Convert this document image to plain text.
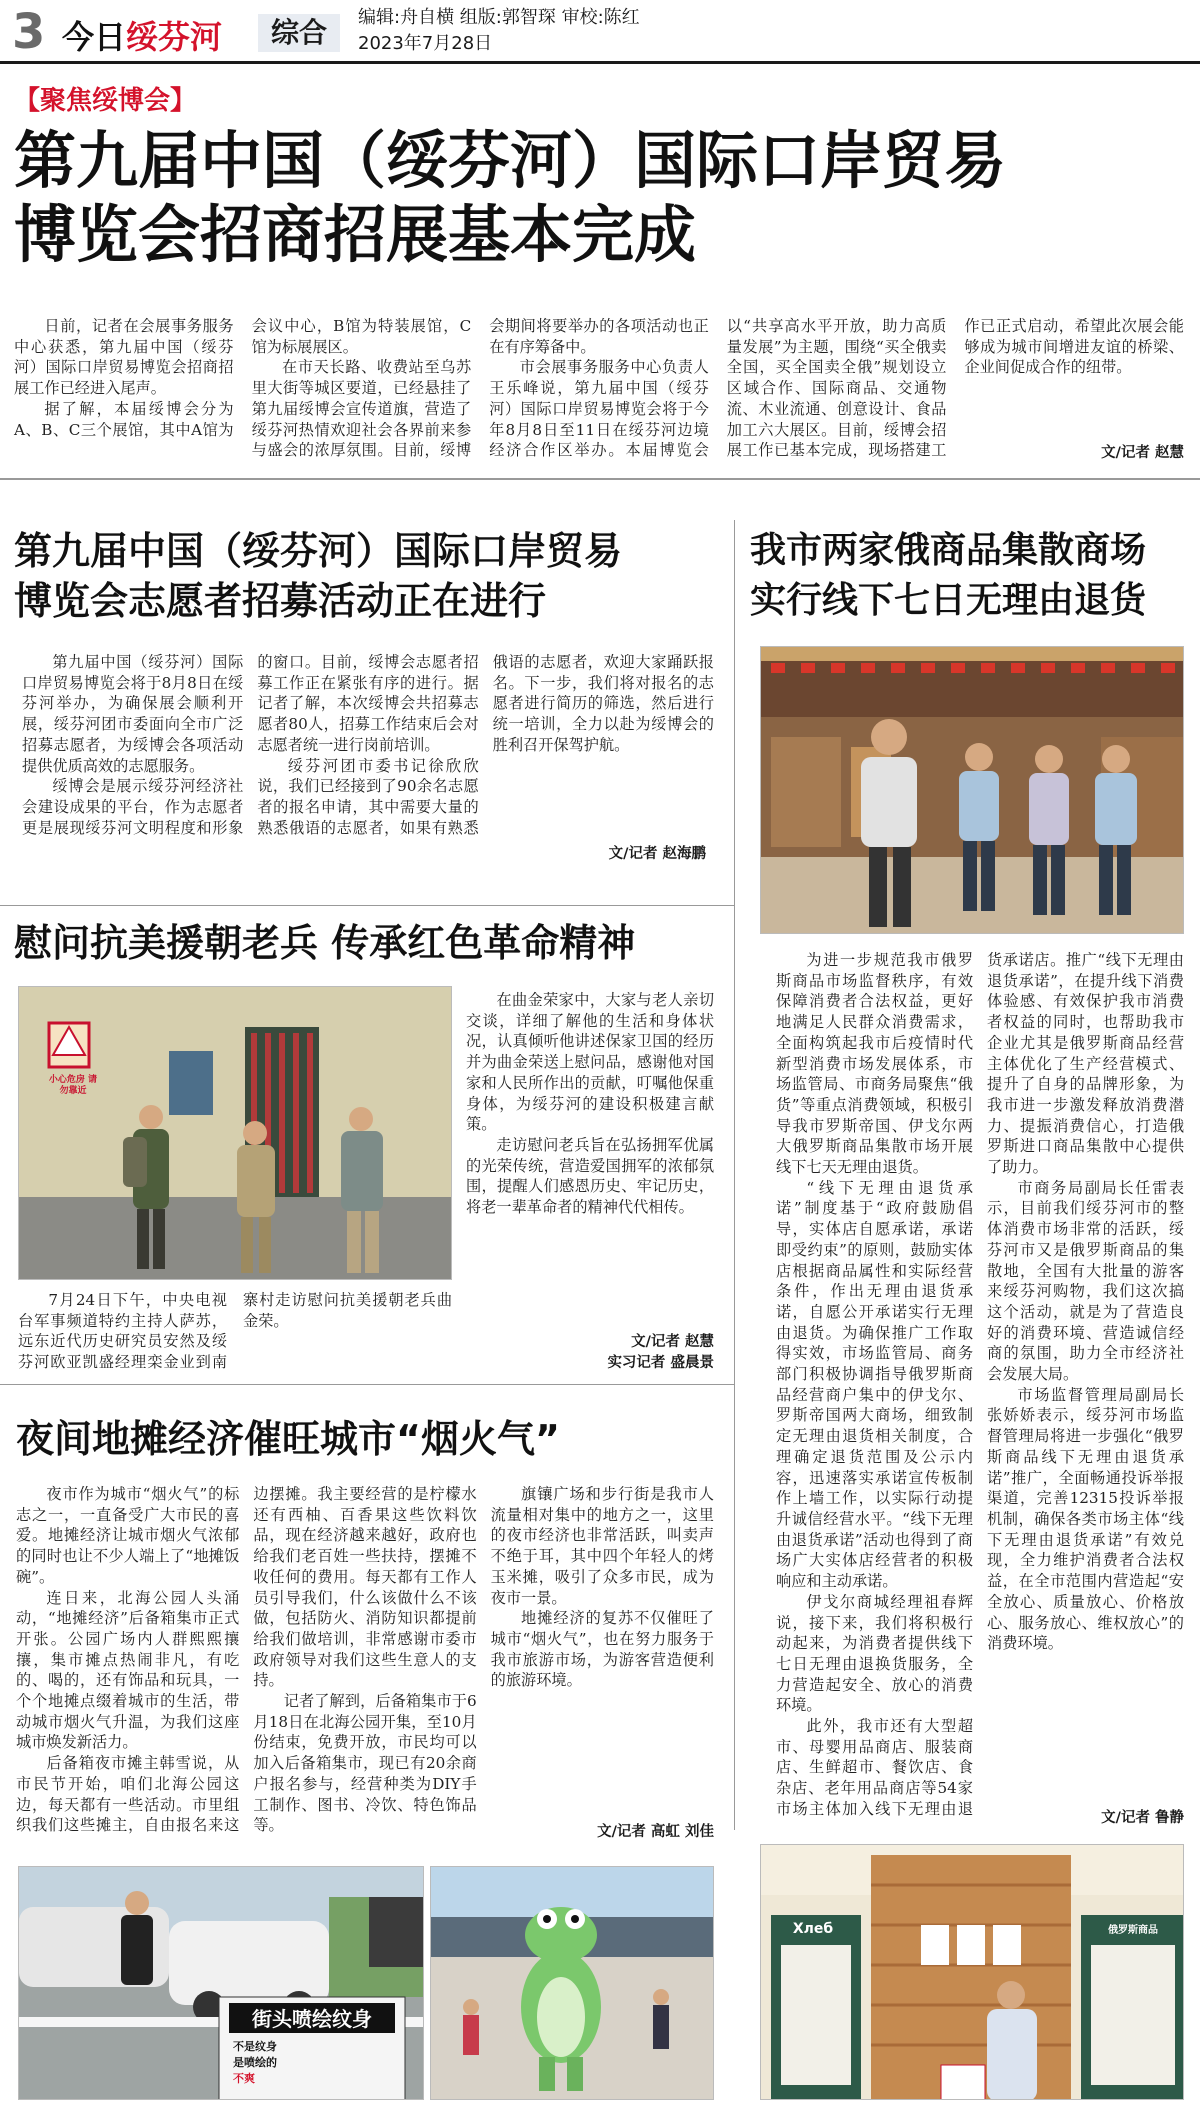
3 今日绥芬河	综合	编辑:舟自横 组版:郭智琛 审校:陈红
2023年7月28日
【聚焦绥博会】
第九届中国（绥芬河）国际口岸贸易
博览会招商招展基本完成

日前，记者在会展事务服务中心获悉，第九届中国（绥芬河）国际口岸贸易博览会招商招展工作已经进入尾声。

据了解，本届绥博会分为A、B、C三个展馆，其中A馆为会议中心，B馆为特装展馆，C馆为标展展区。

在市天长路、收费站至乌苏里大街等城区要道，已经悬挂了第九届绥博会宣传道旗，营造了绥芬河热情欢迎社会各界前来参与盛会的浓厚氛围。目前，绥博会期间将要举办的各项活动也正在有序筹备中。

市会展事务服务中心负责人王乐峰说，第九届中国（绥芬河）国际口岸贸易博览会将于今年8月8日至11日在绥芬河边境经济合作区举办。本届博览会以“共享高水平开放，助力高质量发展”为主题，围绕“买全俄卖全国，买全国卖全俄”规划设立区域合作、国际商品、交通物流、木业流通、创意设计、食品加工六大展区。目前，绥博会招展工作已基本完成，现场搭建工作已正式启动，希望此次展会能够成为城市间增进友谊的桥梁、企业间促成合作的纽带。

文/记者 赵慧
第九届中国（绥芬河）国际口岸贸易
博览会志愿者招募活动正在进行

第九届中国（绥芬河）国际口岸贸易博览会将于8月8日在绥芬河举办，为确保展会顺利开展，绥芬河团市委面向全市广泛招募志愿者，为绥博会各项活动提供优质高效的志愿服务。

绥博会是展示绥芬河经济社会建设成果的平台，作为志愿者更是展现绥芬河文明程度和形象的窗口。目前，绥博会志愿者招募工作正在紧张有序的进行。据记者了解，本次绥博会共招募志愿者80人，招募工作结束后会对志愿者统一进行岗前培训。

绥芬河团市委书记徐欣欣说，我们已经接到了90余名志愿者的报名申请，其中需要大量的熟悉俄语的志愿者，如果有熟悉俄语的志愿者，欢迎大家踊跃报名。下一步，我们将对报名的志愿者进行简历的筛选，然后进行统一培训，全力以赴为绥博会的胜利召开保驾护航。

文/记者 赵海鹏
我市两家俄商品集散商场
实行线下七日无理由退货

为进一步规范我市俄罗斯商品市场监督秩序，有效保障消费者合法权益，更好地满足人民群众消费需求，全面构筑起我市后疫情时代新型消费市场发展体系，市场监管局、市商务局聚焦“俄货”等重点消费领域，积极引导我市罗斯帝国、伊戈尔两大俄罗斯商品集散市场开展线下七天无理由退货。

“线下无理由退货承诺”制度基于“政府鼓励倡导，实体店自愿承诺，承诺即受约束”的原则，鼓励实体店根据商品属性和实际经营条件，作出无理由退货承诺，自愿公开承诺实行无理由退货。为确保推广工作取得实效，市场监管局、商务部门积极协调指导俄罗斯商品经营商户集中的伊戈尔、罗斯帝国两大商场，细致制定无理由退货相关制度，合理确定退货范围及公示内容，迅速落实承诺宣传板制作上墙工作，以实际行动提升诚信经营水平。“线下无理由退货承诺”活动也得到了商场广大实体店经营者的积极响应和主动承诺。

伊戈尔商城经理祖春辉说，接下来，我们将积极行动起来，为消费者提供线下七日无理由退换货服务，全力营造起安全、放心的消费环境。

此外，我市还有大型超市、母婴用品商店、服装商店、生鲜超市、餐饮店、食杂店、老年用品商店等54家市场主体加入线下无理由退货承诺店。推广“线下无理由退货承诺”，在提升线下消费体验感、有效保护我市消费者权益的同时，也帮助我市企业尤其是俄罗斯商品经营主体优化了生产经营模式、提升了自身的品牌形象，为我市进一步激发释放消费潜力、提振消费信心，打造俄罗斯进口商品集散中心提供了助力。

市商务局副局长任雷表示，目前我们绥芬河市的整体消费市场非常的活跃，绥芬河市又是俄罗斯商品的集散地，全国有大批量的游客来绥芬河购物，我们这次搞这个活动，就是为了营造良好的消费环境、营造诚信经商的氛围，助力全市经济社会发展大局。

市场监督管理局副局长张娇娇表示，绥芬河市场监督管理局将进一步强化“俄罗斯商品线下无理由退货承诺”推广，全面畅通投诉举报渠道，完善12315投诉举报机制，确保各类市场主体“线下无理由退货承诺”有效兑现，全力维护消费者合法权益，在全市范围内营造起“安全放心、质量放心、价格放心、服务放心、维权放心”的消费环境。

文/记者 鲁静
慰问抗美援朝老兵 传承红色革命精神
小心危房 请勿靠近

7月24日下午，中央电视台军事频道特约主持人萨苏，远东近代历史研究员安然及绥芬河欧亚凯盛经理栾金业到南寨村走访慰问抗美援朝老兵曲金荣。

在曲金荣家中，大家与老人亲切交谈，详细了解他的生活和身体状况，认真倾听他讲述保家卫国的经历并为曲金荣送上慰问品，感谢他对国家和人民所作出的贡献，叮嘱他保重身体，为绥芬河的建设积极建言献策。

走访慰问老兵旨在弘扬拥军优属的光荣传统，营造爱国拥军的浓郁氛围，提醒人们感恩历史、牢记历史，将老一辈革命者的精神代代相传。

文/记者 赵慧
实习记者 盛晨景
夜间地摊经济催旺城市“烟火气”

夜市作为城市“烟火气”的标志之一，一直备受广大市民的喜爱。地摊经济让城市烟火气浓郁的同时也让不少人端上了“地摊饭碗”。

连日来，北海公园人头涌动，“地摊经济”后备箱集市正式开张。公园广场内人群熙熙攘攘，集市摊点热闹非凡，有吃的、喝的，还有饰品和玩具，一个个地摊点缀着城市的生活，带动城市烟火气升温，为我们这座城市焕发新活力。

后备箱夜市摊主韩雪说，从市民节开始，咱们北海公园这边，每天都有一些活动。市里组织我们这些摊主，自由报名来这边摆摊。我主要经营的是柠檬水还有西柚、百香果这些饮料饮品，现在经济越来越好，政府也给我们老百姓一些扶持，摆摊不收任何的费用。每天都有工作人员引导我们，什么该做什么不该做，包括防火、消防知识都提前给我们做培训，非常感谢市委市政府领导对我们这些生意人的支持。

记者了解到，后备箱集市于6月18日在北海公园开集，至10月份结束，免费开放，市民均可以加入后备箱集市，现已有20余商户报名参与，经营种类为DIY手工制作、图书、冷饮、特色饰品等。

旗镶广场和步行街是我市人流量相对集中的地方之一，这里的夜市经济也非常活跃，叫卖声不绝于耳，其中四个年轻人的烤玉米摊，吸引了众多市民，成为夜市一景。

地摊经济的复苏不仅催旺了城市“烟火气”，也在努力服务于我市旅游市场，为游客营造便利的旅游环境。

文/记者 高虹 刘佳
街头喷绘纹身
不是纹身
是喷绘的
不爽
Хлеб	俄罗斯商品
